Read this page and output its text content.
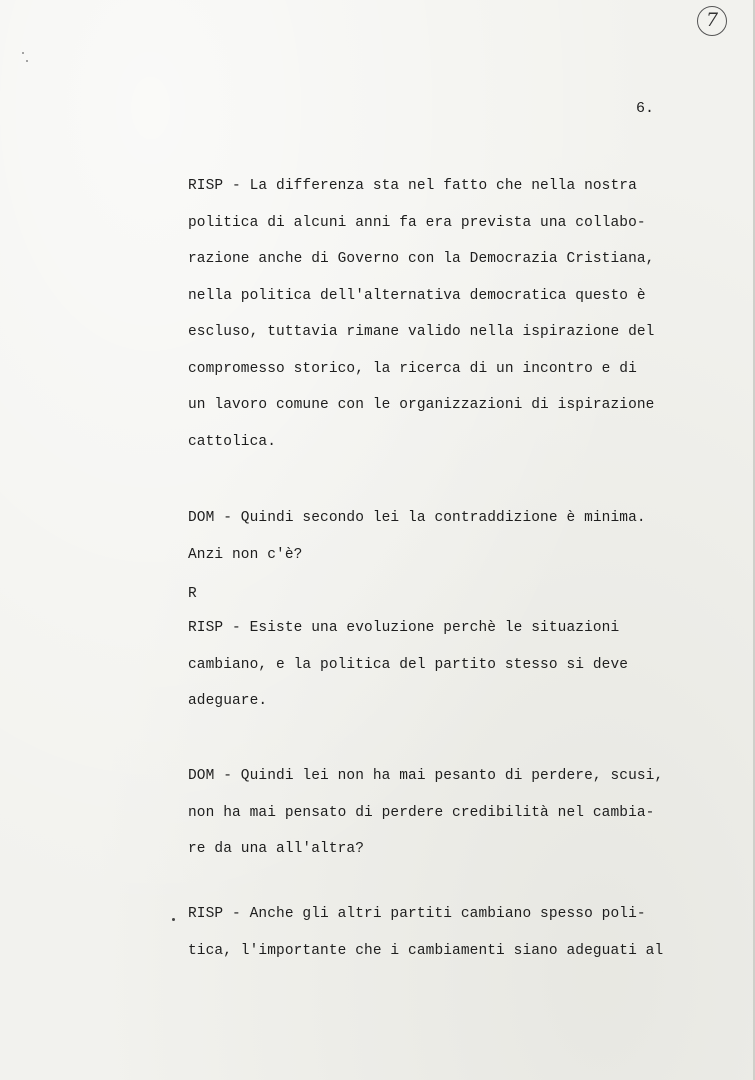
7
6.

RISP - La differenza sta nel fatto che nella nostra
politica di alcuni anni fa era prevista una collabo-
razione anche di Governo con la Democrazia Cristiana,
nella politica dell'alternativa democratica questo è
escluso, tuttavia rimane valido nella ispirazione del
compromesso storico, la ricerca di un incontro e di
un lavoro comune con le organizzazioni di ispirazione
cattolica.

DOM - Quindi secondo lei la contraddizione è minima.
Anzi non c'è?

R

RISP - Esiste una evoluzione perchè le situazioni
cambiano, e la politica del partito stesso si deve
adeguare.

DOM - Quindi lei non ha mai pesanto di perdere, scusi,
non ha mai pensato di perdere credibilità nel cambia-
re da una all'altra?

RISP - Anche gli altri partiti cambiano spesso poli-
tica, l'importante che i cambiamenti siano adeguati al
